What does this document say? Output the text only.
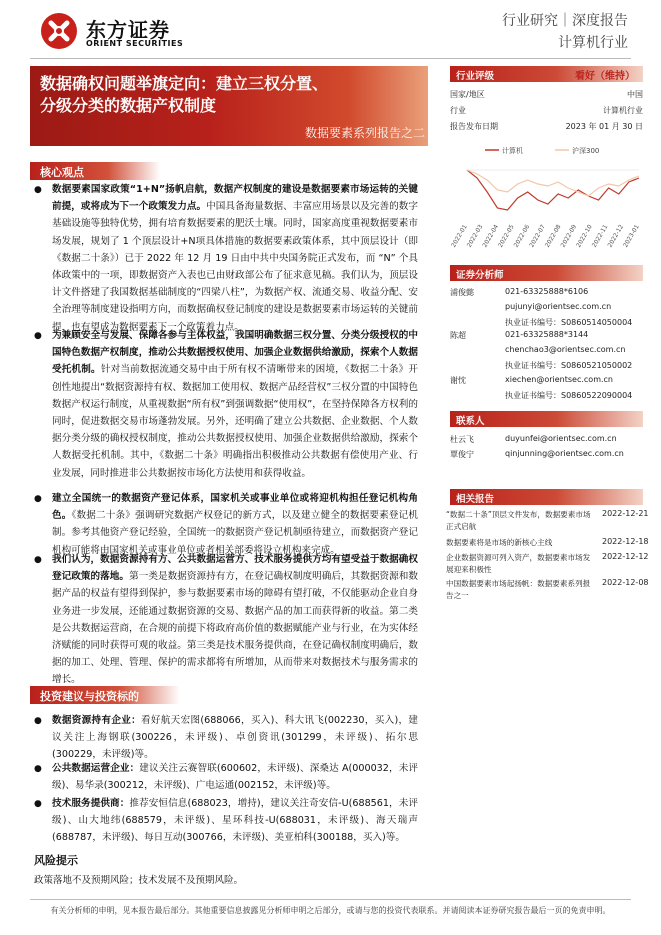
东方证券
ORIENT SECURITIES
行业研究｜深度报告
计算机行业
数据确权问题举旗定向：建立三权分置、
分级分类的数据产权制度
数据要素系列报告之二
核心观点
● 数据要素国家政策“1+N”扬帆启航，数据产权制度的建设是数据要素市场运转的关键前提，或将成为下一个政策发力点。中国具备海量数据、丰富应用场景以及完善的数字基础设施等独特优势，拥有培育数据要素的肥沃土壤。同时，国家高度重视数据要素市场发展，规划了 1 个顶层设计+N项具体措施的数据要素政策体系，其中顶层设计（即《数据二十条》）已于 2022 年 12 月 19 日由中共中央国务院正式发布，而 “N” 个具体政策中的一项，即数据资产入表也已由财政部公布了征求意见稿。我们认为，顶层设计文件搭建了我国数据基础制度的“四梁八柱”，为数据产权、流通交易、收益分配、安全治理等制度建设指明方向，而数据确权登记制度的建设是数据要素市场运转的关键前提，也有望成为数据要素下一个政策着力点。
● 为兼顾安全与发展、保障各参与主体权益，我国明确数据三权分置、分类分级授权的中国特色数据产权制度，推动公共数据授权使用、加强企业数据供给激励，探索个人数据受托机制。针对当前数据流通交易中由于所有权不清晰带来的困境，《数据二十条》开创性地提出“数据资源持有权、数据加工使用权、数据产品经营权”三权分置的中国特色数据产权运行制度，从重视数据“所有权”到强调数据“使用权”，在坚持保障各方权利的同时，促进数据交易市场蓬勃发展。另外，还明确了建立公共数据、企业数据、个人数据分类分级的确权授权制度，推动公共数据授权使用、加强企业数据供给激励，探索个人数据受托机制。其中，《数据二十条》明确指出积极推动公共数据有偿使用产业、行业发展，同时推进非公共数据按市场化方法使用和获得收益。
● 建立全国统一的数据资产登记体系，国家机关或事业单位或将迎机构担任登记机构角色。《数据二十条》强调研究数据产权登记的新方式，以及建立健全的数据要素登记机制。参考其他资产登记经验，全国统一的数据资产登记机制亟待建立，而数据资产登记机构可能将由国家机关或事业单位或者相关部委将设立机构来完成。
● 我们认为，数据资源持有方、公共数据运营方、技术服务提供方均有望受益于数据确权登记政策的落地。第一类是数据资源持有方，在登记确权制度明确后，其数据资源和数据产品的权益有望得到保护，参与数据要素市场的障碍有望打破，不仅能驱动企业自身业务进一步发展，还能通过数据资源的交易、数据产品的加工而获得新的收益。第二类是公共数据运营商，在合规的前提下将政府高价值的数据赋能产业与行业，在为实体经济赋能的同时获得可观的收益。第三类是技术服务提供商，在登记确权制度明确后，数据的加工、处理、管理、保护的需求都将有所增加，从而带来对数据技术与服务需求的增长。
投资建议与投资标的
● 数据资源持有企业：看好航天宏图(688066，买入)、科大讯飞(002230，买入)，建议关注上海钢联(300226，未评级)、卓创资讯(301299，未评级)、拓尔思(300229，未评级)等。
● 公共数据运营企业：建议关注云赛智联(600602，未评级)、深桑达 A(000032，未评级)、易华录(300212，未评级)、广电运通(002152，未评级)等。
● 技术服务提供商：推荐安恒信息(688023，增持)，建议关注奇安信-U(688561，未评级)、山大地纬(688579，未评级)、星环科技-U(688031，未评级)、海天瑞声(688787，未评级)、每日互动(300766，未评级)、美亚柏科(300188，买入)等。
风险提示
政策落地不及预期风险；技术发展不及预期风险。
行业评级	看好（维持）
国家/地区	中国
行业	计算机行业
报告发布日期	2023 年 01 月 30 日
计算机	沪深300
2022-01
2022-03
2022-04
2022-05
2022-06
2022-07
2022-08
2022-09
2022-10
2022-11
2022-12
2023-01
证券分析师
浦俊懿	021-63325888*6106
pujunyi@orientsec.com.cn
执业证书编号：S0860514050004
陈超	021-63325888*3144
chenchao3@orientsec.com.cn
执业证书编号：S0860521050002
谢忱	xiechen@orientsec.com.cn
执业证书编号：S0860522090004
联系人
杜云飞	duyunfei@orientsec.com.cn
覃俊宁	qinjunning@orientsec.com.cn
相关报告
“数据二十条”顶层文件发布，数据要素市场正式启航
2022-12-21
数据要素将是市场的新核心主线	2022-12-18
企业数据资源可列入资产，数据要素市场发展迎来积极性
2022-12-12
中国数据要素市场起扬帆：数据要素系列报告之一
2022-12-08
有关分析师的申明，见本报告最后部分。其他重要信息披露见分析师申明之后部分，或请与您的投资代表联系。并请阅读本证券研究报告最后一页的免责申明。
